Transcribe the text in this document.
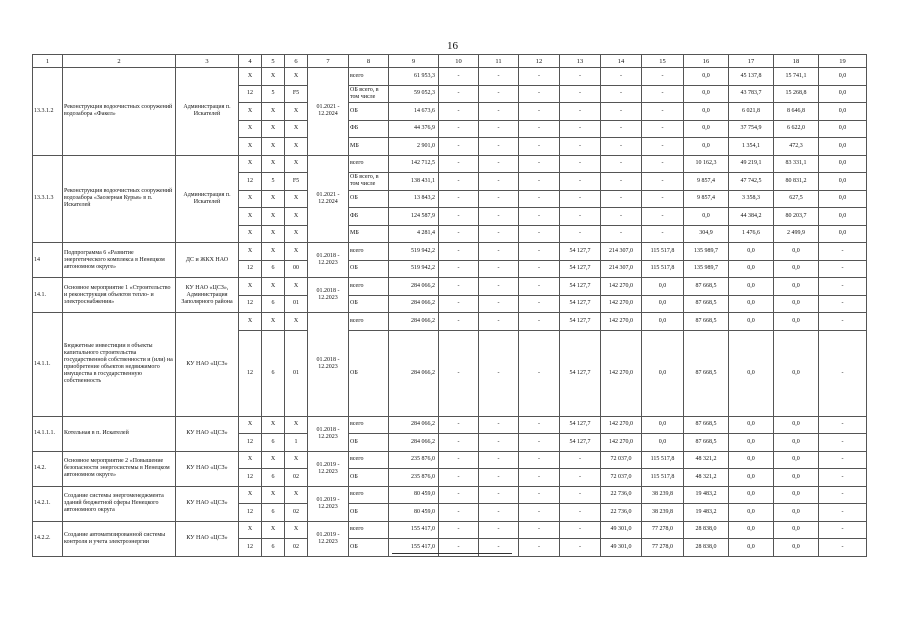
16
1	2	3	4	5	6	7	8	9	10	11	12	13	14	15	16	17	18	19
13.3.1.2	Реконструкция водоочистных сооружений водозабора «Факел»	Администрация п. Искателей	X	X	X	01.2021 - 12.2024	всего	61 953,3	-	-	-	-	-	-	0,0	45 137,8	15 741,1	0,0
			12	5	F5		ОБ всего, в том числе	59 052,3	-	-	-	-	-	-	0,0	43 783,7	15 268,8	0,0
			X	X	X		ОБ	14 673,6	-	-	-	-	-	-	0,0	6 021,8	8 646,8	0,0
			X	X	X		ФБ	44 376,9	-	-	-	-	-	-	0,0	37 754,9	6 622,0	0,0
			X	X	X		МБ	2 901,0	-	-	-	-	-	-	0,0	1 354,1	472,3	0,0
13.3.1.3	Реконструкция водоочистных сооружений водозабора «Заозерная Курья» в п. Искателей	Администрация п. Искателей	X	X	X	01.2021 - 12.2024	всего	142 712,5	-	-	-	-	-	-	10 162,3	49 219,1	83 331,1	0,0
			12	5	F5		ОБ всего, в том числе	138 431,1	-	-	-	-	-	-	9 857,4	47 742,5	80 831,2	0,0
			X	X	X		ОБ	13 843,2	-	-	-	-	-	-	9 857,4	3 358,3	627,5	0,0
			X	X	X		ФБ	124 587,9	-	-	-	-	-	-	0,0	44 384,2	80 203,7	0,0
			X	X	X		МБ	4 281,4	-	-	-	-	-	-	304,9	1 476,6	2 499,9	0,0
14	Подпрограмма 6 «Развитие энергетического комплекса в Ненецком автономном округе»	ДС и ЖКХ НАО	X	X	X	01.2018 - 12.2023	всего	519 942,2	-	-	-	54 127,7	214 307,0	115 517,8	135 989,7	0,0	0,0	-
			12	6	00		ОБ	519 942,2	-	-	-	54 127,7	214 307,0	115 517,8	135 989,7	0,0	0,0	-
14.1.	Основное мероприятие 1 «Строительство и реконструкция объектов тепло- и электроснабжения»	КУ НАО «ЦСЗ», Администрация Заполярного района	X	X	X	01.2018 - 12.2023	всего	284 066,2	-	-	-	54 127,7	142 270,0	0,0	87 668,5	0,0	0,0	-
			12	6	01		ОБ	284 066,2	-	-	-	54 127,7	142 270,0	0,0	87 668,5	0,0	0,0	-
14.1.1.	Бюджетные инвестиции в объекты капитального строительства государственной собственности и (или) на приобретение объектов недвижимого имущества в государственную собственность	КУ НАО «ЦСЗ»	X	X	X	01.2018 - 12.2023	всего	284 066,2	-	-	-	54 127,7	142 270,0	0,0	87 668,5	0,0	0,0	-
			12	6	01		ОБ	284 066,2	-	-	-	54 127,7	142 270,0	0,0	87 668,5	0,0	0,0	-
14.1.1.1.	Котельная в п. Искателей	КУ НАО «ЦСЗ»	X	X	X	01.2018 - 12.2023	всего	284 066,2	-	-	-	54 127,7	142 270,0	0,0	87 668,5	0,0	0,0	-
			12	6	1		ОБ	284 066,2	-	-	-	54 127,7	142 270,0	0,0	87 668,5	0,0	0,0	-
14.2.	Основное мероприятие 2 «Повышение безопасности энергосистемы в Ненецком автономном округе»	КУ НАО «ЦСЗ»	X	X	X	01.2019 - 12.2023	всего	235 876,0	-	-	-	-	72 037,0	115 517,8	48 321,2	0,0	0,0	-
			12	6	02		ОБ	235 876,0	-	-	-	-	72 037,0	115 517,8	48 321,2	0,0	0,0	-
14.2.1.	Создание системы энергоменеджмента зданий бюджетной сферы Ненецкого автономного округа	КУ НАО «ЦСЗ»	X	X	X	01.2019 - 12.2023	всего	80 459,0	-	-	-	-	22 736,0	38 239,8	19 483,2	0,0	0,0	-
			12	6	02		ОБ	80 459,0	-	-	-	-	22 736,0	38 239,8	19 483,2	0,0	0,0	-
14.2.2.	Создание автоматизированной системы контроля и учета электроэнергии	КУ НАО «ЦСЗ»	X	X	X	01.2019 - 12.2023	всего	155 417,0	-	-	-	-	49 301,0	77 278,0	28 838,0	0,0	0,0	-
			12	6	02		ОБ	155 417,0	-	-	-	-	49 301,0	77 278,0	28 838,0	0,0	0,0	-
